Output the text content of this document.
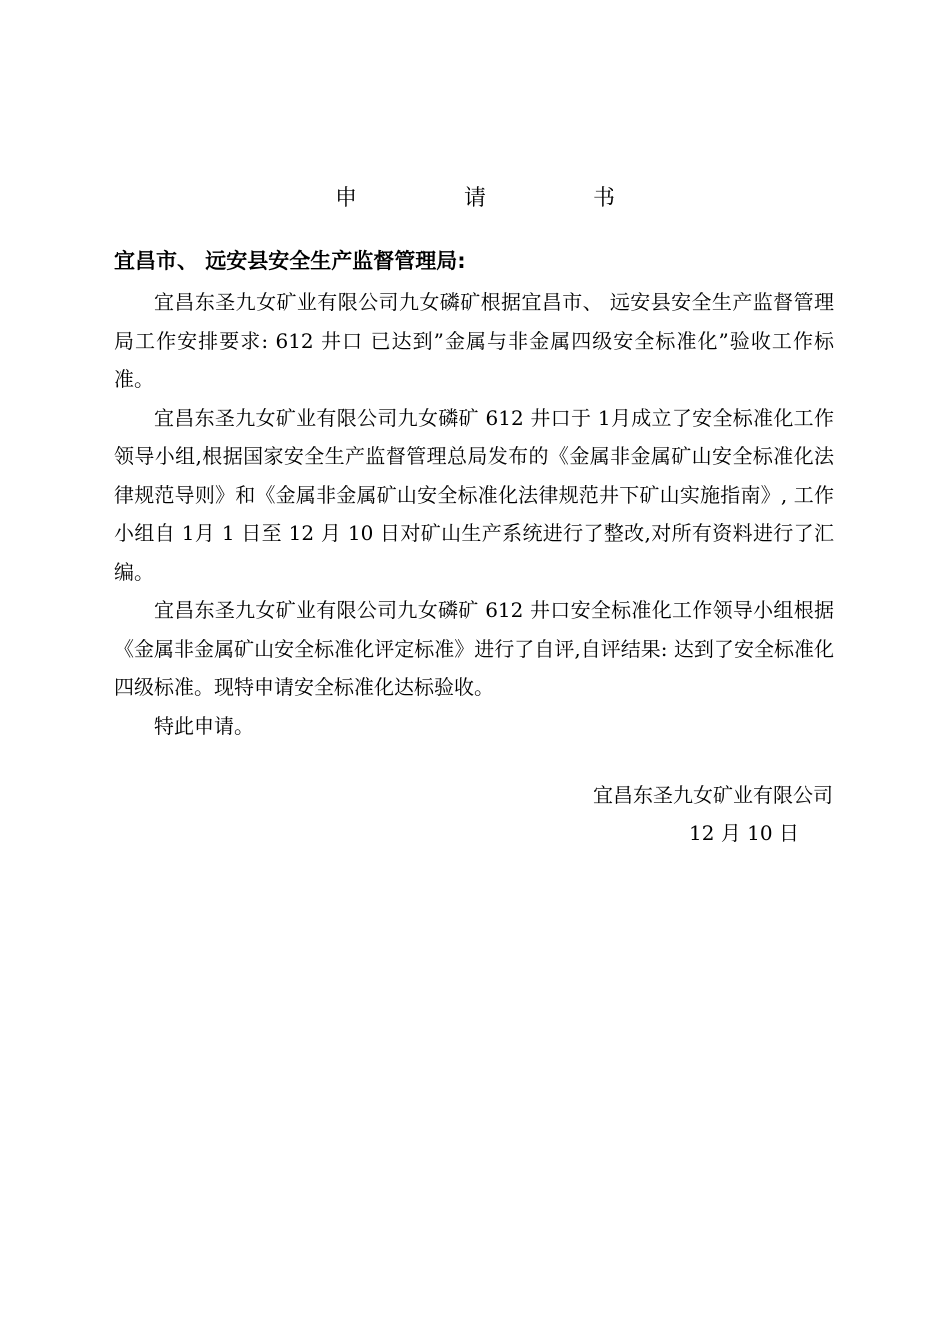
申 请 书
宜昌市、 远安县安全生产监督管理局:

宜昌东圣九女矿业有限公司九女磷矿根据宜昌市、 远安县安全生产监督管理局工作安排要求: 612 井口 已达到”金属与非金属四级安全标准化”验收工作标准。

宜昌东圣九女矿业有限公司九女磷矿 612 井口于 1月成立了安全标准化工作领导小组,根据国家安全生产监督管理总局发布的《金属非金属矿山安全标准化法律规范导则》和《金属非金属矿山安全标准化法律规范井下矿山实施指南》, 工作小组自 1月 1 日至 12 月 10 日对矿山生产系统进行了整改,对所有资料进行了汇编。

宜昌东圣九女矿业有限公司九女磷矿 612 井口安全标准化工作领导小组根据《金属非金属矿山安全标准化评定标准》进行了自评,自评结果: 达到了安全标准化四级标准。现特申请安全标准化达标验收。

特此申请。

宜昌东圣九女矿业有限公司
12 月 10 日
